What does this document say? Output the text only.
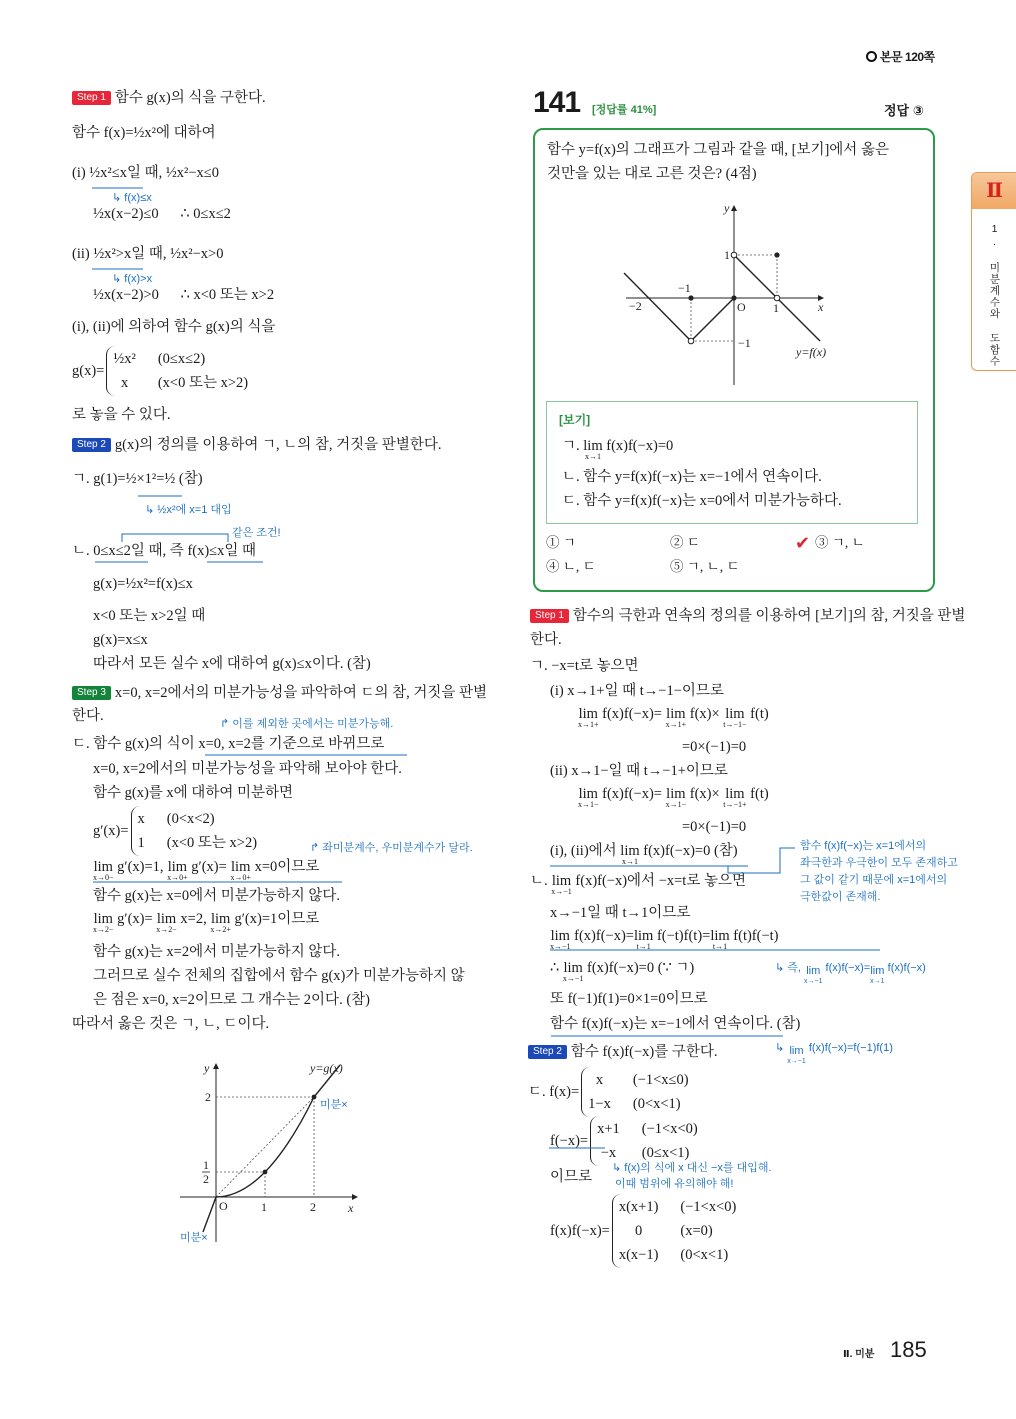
본문 120쪽
141 [정답률 41%]	정답 ③
[보기]
① ㄱ	② ㄷ	③ ㄱ, ㄴ
✔
④ ㄴ, ㄷ	⑤ ㄱ, ㄴ, ㄷ
Ⅱ
1. 미분계수와 도함수
Ⅱ. 미분 185
Step 1 함수 g(x)의 식을 구한다.
함수 f(x)=½x²에 대하여
(i) ½x²≤x일 때, ½x²−x≤0
↳ f(x)≤x
½x(x−2)≤0      ∴ 0≤x≤2
(ii) ½x²>x일 때, ½x²−x>0
↳ f(x)>x
½x(x−2)>0      ∴ x<0 또는 x>2
(i), (ii)에 의하여 함수 g(x)의 식을
g(x)=
½x² (0≤x≤2)
x	(x<0 또는 x>2)
로 놓을 수 있다.
Step 2 g(x)의 정의를 이용하여 ㄱ, ㄴ의 참, 거짓을 판별한다.
ㄱ. g(1)=½×1²=½ (참)
↳ ½x²에 x=1 대입
같은 조건!
ㄴ. 0≤x≤2일 때, 즉 f(x)≤x일 때
g(x)=½x²=f(x)≤x
x<0 또는 x>2일 때
g(x)=x≤x
따라서 모든 실수 x에 대하여 g(x)≤x이다. (참)
Step 3 x=0, x=2에서의 미분가능성을 파악하여 ㄷ의 참, 거짓을 판별
한다.	↱ 이를 제외한 곳에서는 미분가능해.
ㄷ. 함수 g(x)의 식이 x=0, x=2를 기준으로 바뀌므로
x=0, x=2에서의 미분가능성을 파악해 보아야 한다.
함수 g(x)를 x에 대하여 미분하면
g′(x)=
x (0<x<2)
1 (x<0 또는 x>2)	↱ 좌미분계수, 우미분계수가 달라.
lim
x→0−
g′(x)=1, lim
x→0+
g′(x)= lim
x→0+
x=0이므로
함수 g(x)는 x=0에서 미분가능하지 않다.
lim
x→2−
g′(x)= lim
x→2−
x=2, lim
x→2+
g′(x)=1이므로
함수 g(x)는 x=2에서 미분가능하지 않다.
그러므로 실수 전체의 집합에서 함수 g(x)가 미분가능하지 않
은 점은 x=0, x=2이므로 그 개수는 2이다. (참)
따라서 옳은 것은 ㄱ, ㄴ, ㄷ이다.
Step 1 함수의 극한과 연속의 정의를 이용하여 [보기]의 참, 거짓을 판별
한다.
ㄱ. −x=t로 놓으면
(i) x→1+일 때 t→−1−이므로
lim
x→1+
f(x)f(−x)= lim
x→1+
f(x)× lim
t→−1−
f(t)
=0×(−1)=0
(ii) x→1−일 때 t→−1+이므로
lim
x→1−
f(x)f(−x)= lim
x→1−
f(x)× lim
t→−1+
f(t)
=0×(−1)=0
(i), (ii)에서 lim
x→1
f(x)f(−x)=0 (참)	함수 f(x)f(−x)는 x=1에서의
좌극한과 우극한이 모두 존재하고
그 값이 같기 때문에 x=1에서의
극한값이 존재해.
ㄴ. lim
x→−1
f(x)f(−x)에서 −x=t로 놓으면
x→−1일 때 t→1이므로
lim
x→−1
f(x)f(−x)= lim
t→1
f(−t)f(t)= lim
t→1
f(t)f(−t)
∴ lim
x→−1
f(x)f(−x)=0 (∵ ㄱ)	↳ 즉, lim
x→−1
f(x)f(−x)= lim
x→1
f(x)f(−x)
또 f(−1)f(1)=0×1=0이므로
함수 f(x)f(−x)는 x=−1에서 연속이다. (참)
↳ lim
x→−1
f(x)f(−x)=f(−1)f(1)
Step 2 함수 f(x)f(−x)를 구한다.
ㄷ. f(x)=
x	(−1<x≤0)
1−x (0<x<1)
f(−x)=
x+1 (−1<x<0)
−x (0≤x<1)
↳ f(x)의 식에 x 대신 −x를 대입해.
이때 범위에 유의해야 해!
이므로
f(x)f(−x)=
x(x+1) (−1<x<0)
0	(x=0)
x(x−1) (0<x<1)
함수 y=f(x)의 그래프가 그림과 같을 때, [보기]에서 옳은
것만을 있는 대로 고른 것은? (4점)
ㄱ. lim
x→1
f(x)f(−x)=0
ㄴ. 함수 y=f(x)f(−x)는 x=−1에서 연속이다.
ㄷ. 함수 y=f(x)f(−x)는 x=0에서 미분가능하다.
y
x
O
−2
−1
1
1
−1
y=f(x)
y
x
O	1	2
2
1
2
y=g(x)
미분×
미분×
